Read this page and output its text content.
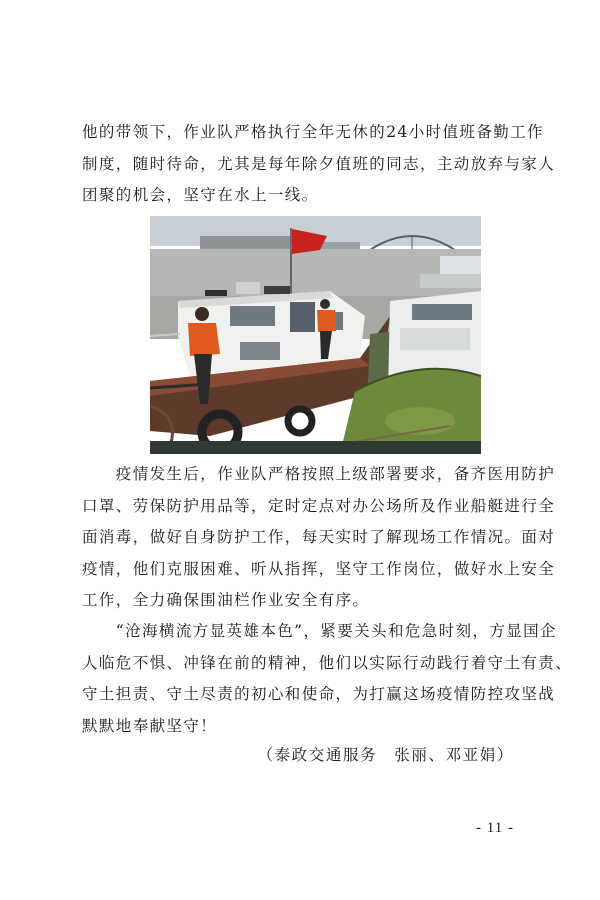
他的带领下，作业队严格执行全年无休的24小时值班备勤工作
制度，随时待命，尤其是每年除夕值班的同志，主动放弃与家人
团聚的机会，坚守在水上一线。

　　疫情发生后，作业队严格按照上级部署要求，备齐医用防护
口罩、劳保防护用品等，定时定点对办公场所及作业船艇进行全
面消毒，做好自身防护工作，每天实时了解现场工作情况。面对
疫情，他们克服困难、听从指挥，坚守工作岗位，做好水上安全
工作，全力确保围油栏作业安全有序。

　　“沧海横流方显英雄本色”，紧要关头和危急时刻，方显国企
人临危不惧、冲锋在前的精神，他们以实际行动践行着守土有责、
守土担责、守土尽责的初心和使命，为打赢这场疫情防控攻坚战
默默地奉献坚守！

（泰政交通服务　张丽、邓亚娟）
- 11 -
